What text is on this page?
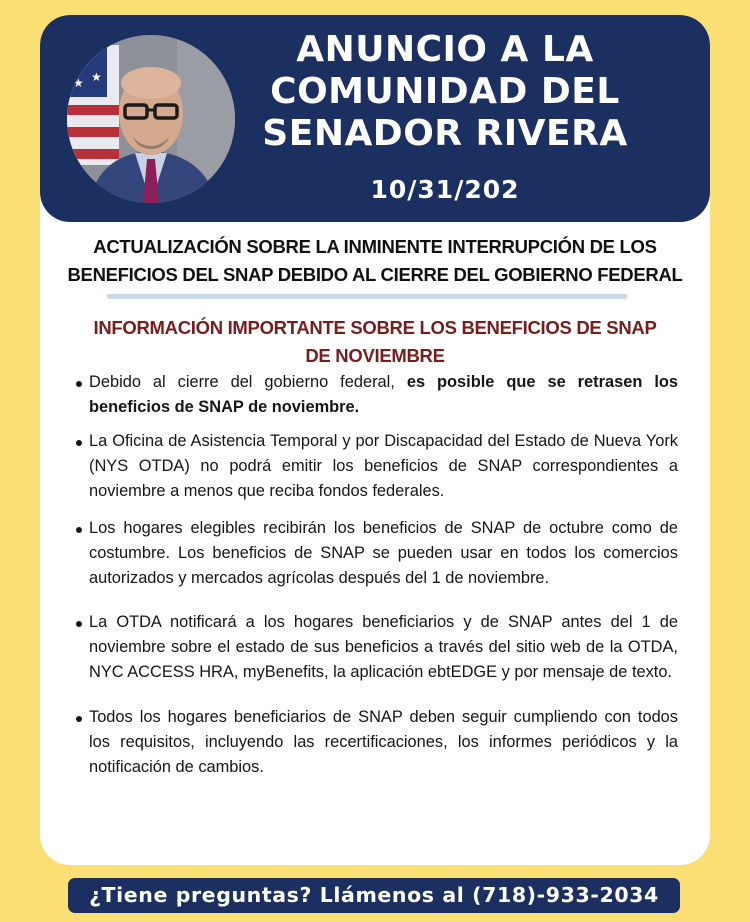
★
★
★
ANUNCIO A LA
COMUNIDAD DEL
SENADOR RIVERA
10/31/202
ACTUALIZACIÓN SOBRE LA INMINENTE INTERRUPCIÓN DE LOS
BENEFICIOS DEL SNAP DEBIDO AL CIERRE DEL GOBIERNO FEDERAL
INFORMACIÓN IMPORTANTE SOBRE LOS BENEFICIOS DE SNAP
DE NOVIEMBRE
Debido al cierre del gobierno federal, es posible que se retrasen los beneficios de SNAP de noviembre.
La Oficina de Asistencia Temporal y por Discapacidad del Estado de Nueva York (NYS OTDA) no podrá emitir los beneficios de SNAP correspondientes a noviembre a menos que reciba fondos federales.
Los hogares elegibles recibirán los beneficios de SNAP de octubre como de costumbre. Los beneficios de SNAP se pueden usar en todos los comercios autorizados y mercados agrícolas después del 1 de noviembre.
La OTDA notificará a los hogares beneficiarios y de SNAP antes del 1 de noviembre sobre el estado de sus beneficios a través del sitio web de la OTDA, NYC ACCESS HRA, myBenefits, la aplicación ebtEDGE y por mensaje de texto.
Todos los hogares beneficiarios de SNAP deben seguir cumpliendo con todos los requisitos, incluyendo las recertificaciones, los informes periódicos y la notificación de cambios.
¿Tiene preguntas? Llámenos al (718)-933-2034
